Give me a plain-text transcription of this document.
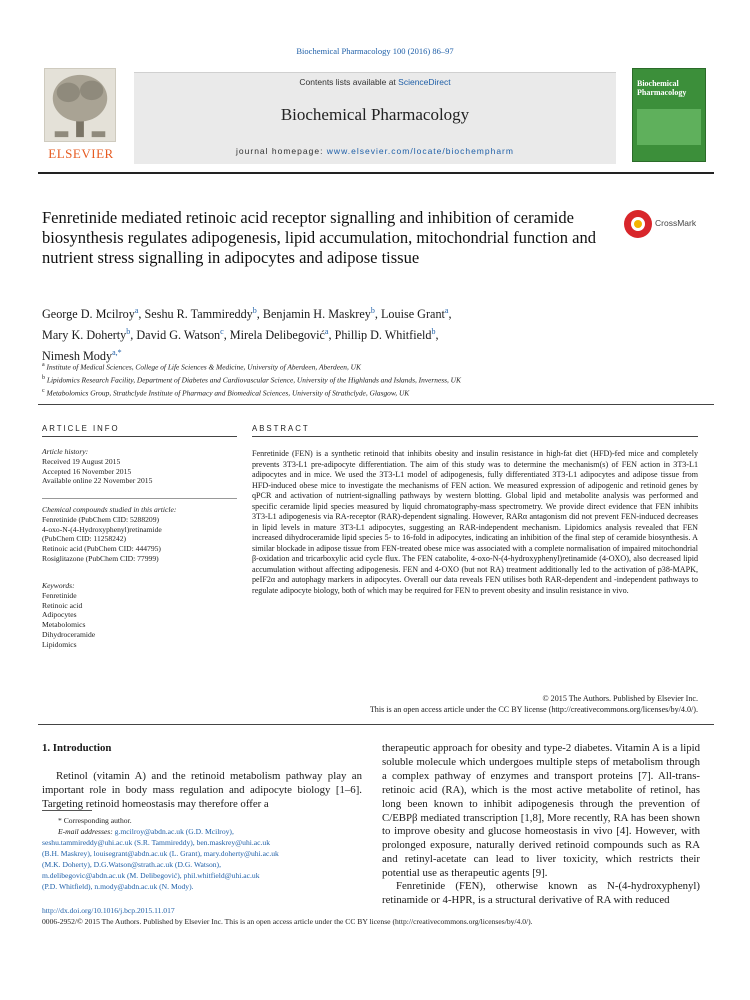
Biochemical Pharmacology 100 (2016) 86–97
ELSEVIER
Contents lists available at ScienceDirect
Biochemical Pharmacology
journal homepage: www.elsevier.com/locate/biochempharm
Biochemical Pharmacology
Fenretinide mediated retinoic acid receptor signalling and inhibition of ceramide biosynthesis regulates adipogenesis, lipid accumulation, mitochondrial function and nutrient stress signalling in adipocytes and adipose tissue
CrossMark
George D. Mcilroy$^a$, Seshu R. Tammireddy$^b$, Benjamin H. Maskrey$^b$, Louise Grant$^a$,
Mary K. Doherty$^b$, David G. Watson$^c$, Mirela Delibegović$^a$, Phillip D. Whitfield$^b$,
Nimesh Mody$^{a,*}$
$^a$ Institute of Medical Sciences, College of Life Sciences & Medicine, University of Aberdeen, Aberdeen, UK
$^b$ Lipidomics Research Facility, Department of Diabetes and Cardiovascular Science, University of the Highlands and Islands, Inverness, UK
$^c$ Metabolomics Group, Strathclyde Institute of Pharmacy and Biomedical Sciences, University of Strathclyde, Glasgow, UK
ARTICLE INFO	ABSTRACT
Article history:
Received 19 August 2015
Accepted 16 November 2015
Available online 22 November 2015
Chemical compounds studied in this article:
Fenretinide (PubChem CID: 5288209)
4-oxo-N-(4-Hydroxyphenyl)retinamide
(PubChem CID: 11258242)
Retinoic acid (PubChem CID: 444795)
Rosiglitazone (PubChem CID: 77999)
Keywords:
Fenretinide
Retinoic acid
Adipocytes
Metabolomics
Dihydroceramide
Lipidomics
Fenretinide (FEN) is a synthetic retinoid that inhibits obesity and insulin resistance in high-fat diet (HFD)-fed mice and completely prevents 3T3-L1 pre-adipocyte differentiation. The aim of this study was to determine the mechanism(s) of FEN action in 3T3-L1 adipocytes and in mice. We used the 3T3-L1 model of adipogenesis, fully differentiated 3T3-L1 adipocytes and adipose tissue from HFD-induced obese mice to investigate the mechanisms of FEN action. We measured expression of adipogenic and retinoid genes by qPCR and activation of nutrient-signalling pathways by western blotting. Global lipid and metabolite analysis was performed and specific ceramide lipid species measured by liquid chromatography-mass spectrometry. We provide direct evidence that FEN inhibits 3T3-L1 adipogenesis via RA-receptor (RAR)-dependent signaling. However, RARα antagonism did not prevent FEN-induced decreases in lipid levels in mature 3T3-L1 adipocytes, suggesting an RAR-independent mechanism. Lipidomics analysis revealed that FEN increased dihydroceramide lipid species 5- to 16-fold in adipocytes, indicating an inhibition of the final step of ceramide biosynthesis. A similar blockade in adipose tissue from FEN-treated obese mice was associated with a complete normalisation of impaired mitochondrial β-oxidation and tricarboxylic acid cycle flux. The FEN catabolite, 4-oxo-N-(4-hydroxyphenyl)retinamide (4-OXO), also decreased lipid accumulation without affecting adipogenesis. FEN and 4-OXO (but not RA) treatment additionally led to the activation of p38-MAPK, peIF2α and autophagy markers in adipocytes. Overall our data reveals FEN utilises both RAR-dependent and -independent pathways to regulate adipocyte biology, both of which may be required for FEN to prevent obesity and insulin resistance in vivo.
© 2015 The Authors. Published by Elsevier Inc.
This is an open access article under the CC BY license (http://creativecommons.org/licenses/by/4.0/).
1. Introduction
Retinol (vitamin A) and the retinoid metabolism pathway play an important role in body mass regulation and adipocyte biology [1–6]. Targeting retinoid homeostasis may therefore offer a
* Corresponding author.
E-mail addresses: g.mcilroy@abdn.ac.uk (G.D. Mcilroy),
seshu.tammireddy@uhi.ac.uk (S.R. Tammireddy), ben.maskrey@uhi.ac.uk
(B.H. Maskrey), louisegrant@abdn.ac.uk (L. Grant), mary.doherty@uhi.ac.uk
(M.K. Doherty), D.G.Watson@strath.ac.uk (D.G. Watson),
m.delibegovic@abdn.ac.uk (M. Delibegović), phil.whitfield@uhi.ac.uk
(P.D. Whitfield), n.mody@abdn.ac.uk (N. Mody).
therapeutic approach for obesity and type-2 diabetes. Vitamin A is a lipid soluble molecule which undergoes multiple steps of metabolism through a complex pathway of enzymes and transport proteins [7]. All-trans-retinoic acid (RA), which is the most active metabolite of retinol, has long been known to inhibit adipogenesis through the prevention of C/EBPβ mediated transcription [1,8], More recently, RA has been shown to improve obesity and glucose homeostasis in vivo [4]. However, with prolonged exposure, naturally derived retinoid compounds such as RA and retinyl-acetate can lead to liver toxicity, which restricts their potential use as therapeutic agents [9].
Fenretinide (FEN), otherwise known as N-(4-hydroxyphenyl) retinamide or 4-HPR, is a structural derivative of RA with reduced
http://dx.doi.org/10.1016/j.bcp.2015.11.017
0006-2952/© 2015 The Authors. Published by Elsevier Inc. This is an open access article under the CC BY license (http://creativecommons.org/licenses/by/4.0/).
